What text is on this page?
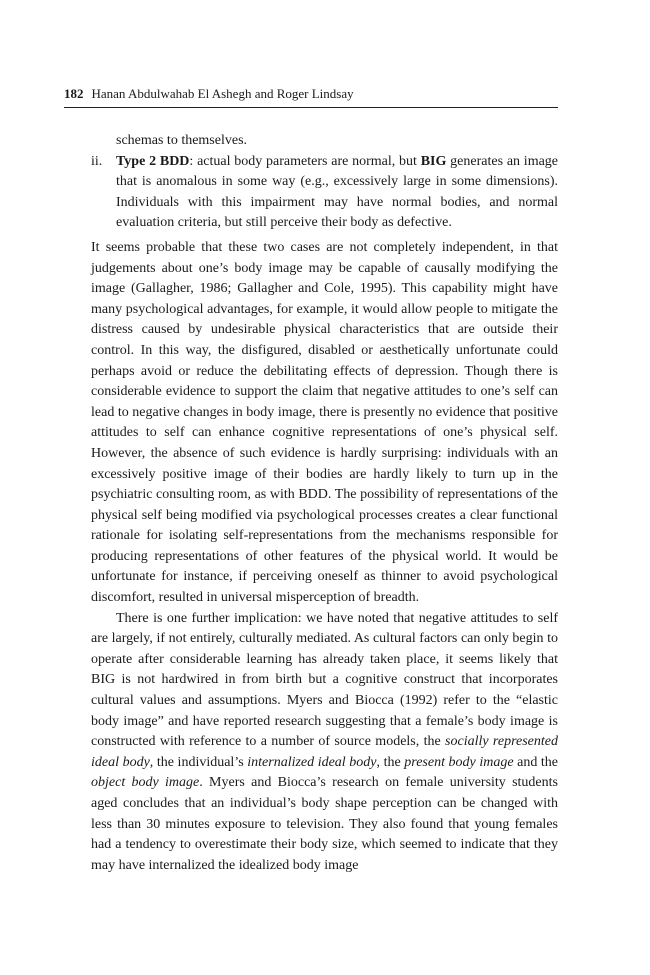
182 Hanan Abdulwahab El Ashegh and Roger Lindsay

schemas to themselves.

ii. Type 2 BDD: actual body parameters are normal, but BIG generates an image that is anomalous in some way (e.g., excessively large in some dimensions). Individuals with this impairment may have normal bodies, and normal evaluation criteria, but still perceive their body as defective.

It seems probable that these two cases are not completely independent, in that judgements about one’s body image may be capable of causally modifying the image (Gallagher, 1986; Gallagher and Cole, 1995). This capability might have many psychological advantages, for example, it would allow people to mitigate the distress caused by undesirable physical characteristics that are outside their control. In this way, the disfigured, disabled or aesthetically unfortunate could perhaps avoid or reduce the debilitating effects of depression. Though there is considerable evidence to support the claim that negative attitudes to one’s self can lead to negative changes in body image, there is presently no evidence that positive attitudes to self can enhance cognitive representations of one’s physical self. However, the absence of such evidence is hardly surprising: individuals with an excessively positive image of their bodies are hardly likely to turn up in the psychiatric consulting room, as with BDD. The possibility of representations of the physical self being modified via psychological processes creates a clear functional rationale for isolating self-representations from the mechanisms responsible for producing representations of other features of the physical world. It would be unfortunate for instance, if perceiving oneself as thinner to avoid psychological discomfort, resulted in universal misperception of breadth.

There is one further implication: we have noted that negative attitudes to self are largely, if not entirely, culturally mediated. As cultural factors can only begin to operate after considerable learning has already taken place, it seems likely that BIG is not hardwired in from birth but a cognitive construct that incorporates cultural values and assumptions. Myers and Biocca (1992) refer to the “elastic body image” and have reported research suggesting that a female’s body image is constructed with reference to a number of source models, the socially represented ideal body, the individual’s internalized ideal body, the present body image and the object body image. Myers and Biocca’s research on female university students aged concludes that an individual’s body shape perception can be changed with less than 30 minutes exposure to television. They also found that young females had a tendency to overestimate their body size, which seemed to indicate that they may have internalized the idealized body image
